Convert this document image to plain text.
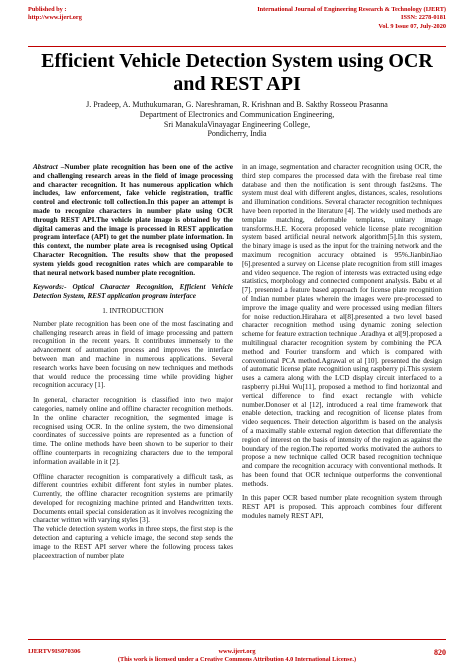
Published by :
http://www.ijert.org
International Journal of Engineering Research & Technology (IJERT)
ISSN: 2278-0181
Vol. 9 Issue 07, July-2020
Efficient Vehicle Detection System using OCR and REST API
J. Pradeep, A. Muthukumaran, G. Nareshraman, R. Krishnan and B. Sakthy Rosseou Prasanna
Department of Electronics and Communication Engineering,
Sri ManakulaVinayagar Engineering College,
Pondicherry, India

Abstract –Number plate recognition has been one of the active and challenging research areas in the field of image processing and character recognition. It has numerous application which includes, law enforcement, fake vehicle registration, traffic control and electronic toll collection.In this paper an attempt is made to recognize characters in number plate using OCR through REST API.The vehicle plate image is obtained by the digital cameras and the image is processed in REST application program interface (API) to get the number plate information. In this context, the number plate area is recognised using Optical Character Recognition. The results show that the proposed system yields good recognition rates which are comparable to that neural network based number plate recognition.

Keywords:- Optical Character Recognition, Efficient Vehicle Detection System, REST application program interface

1. INTRODUCTION

Number plate recognition has been one of the most fascinating and challenging research areas in field of image processing and pattern recognition in the recent years. It contributes immensely to the advancement of automation process and improves the interface between man and machine in numerous applications. Several research works have been focusing on new techniques and methods that would reduce the processing time while providing higher recognition accuracy [1].

In general, character recognition is classified into two major categories, namely online and offline character recognition methods. In the online character recognition, the segmented image is recognised using OCR. In the online system, the two dimensional coordinates of successive points are represented as a function of time. The online methods have been shown to be superior to their offline counterparts in recognizing characters due to the temporal information available in it [2].

Offline character recognition is comparatively a difficult task, as different countries exhibit different font styles in number plates. Currently, the offline character recognition systems are primarily developed for recognizing machine printed and Handwritten texts. Documents entail special consideration as it involves recognizing the character written with varying styles [3].

The vehicle detection system works in three steps, the first step is the detection and capturing a vehicle image, the second step sends the image to the REST API server where the following process takes placeextraction of number plate

in an image, segmentation and character recognition using OCR, the third step compares the processed data with the firebase real time database and then the notification is sent through fast2sms. The system must deal with different angles, distances, scales, resolutions and illumination conditions. Several character recognition techniques have been reported in the literature [4]. The widely used methods are template matching, deformable templates, unitary image transforms.H.E. Kocera proposed vehicle license plate recognition system based artificial neural network algorithm[5].In this system, the binary image is used as the input for the training network and the maximum recognition accuracy obtained is 95%.JianbinJiao [6].presented a survey on License plate recognition from still images and video sequence. The region of interests was extracted using edge statistics, morphology and connected component analysis. Babu et al [7]. presented a feature based approach for license plate recognition of Indian number plates wherein the images were pre-processed to improve the image quality and were processed using median filters for noise reduction.Hirahara et al[8].presented a two level based character recognition method using dynamic zoning selection scheme for feature extraction technique .Aradhya et al[9].proposed a multilingual character recognition system by combining the PCA method and Fourier transform and which is compared with conventional PCA method.Agrawal et al [10]. presented the design of automatic license plate recognition using raspberry pi.This system uses a camera along with the LCD display circuit interfaced to a raspberry pi.Hui Wu[11], proposed a method to find horizontal and vertical difference to find exact rectangle with vehicle number.Donoser et al [12], introduced a real time framework that enable detection, tracking and recognition of license plates from video sequences. Their detection algorithm is based on the analysis of a maximally stable external region detection that differentiate the region of interest on the basis of intensity of the region as against the boundary of the region.The reported works motivated the authors to propose a new technique called OCR based recognition technique and compare the recognition accuracy with conventional methods. It has been found that OCR technique outperforms the conventional methods.

In this paper OCR based number plate recognition system through REST API is proposed. This approach combines four different modules namely REST API,

IJERTV9IS070306	www.ijert.org
(This work is licensed under a Creative Commons Attribution 4.0 International License.)
820
